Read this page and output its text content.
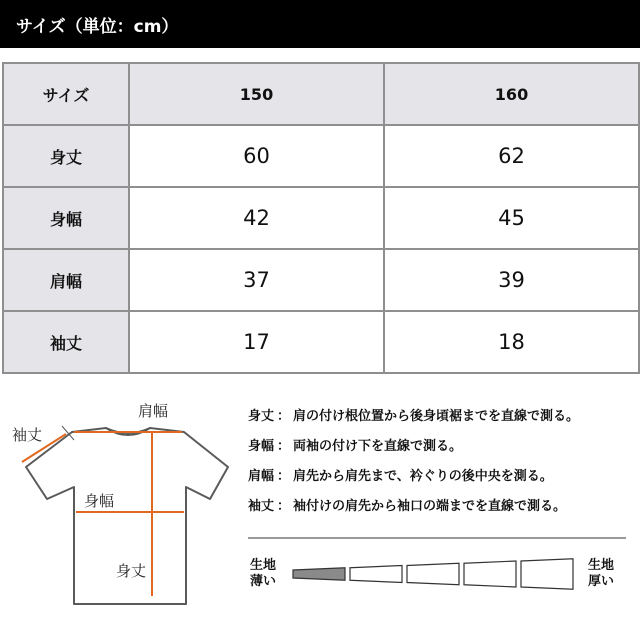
サイズ（単位：cm）
サイズ	150	160
身丈	60	62
身幅	42	45
肩幅	37	39
袖丈	17	18
肩幅
袖丈
身幅
身丈
身丈 ： 肩の付け根位置から後身頃裾までを直線で測る。
身幅 ： 両袖の付け下を直線で測る。
肩幅 ： 肩先から肩先まで、衿ぐりの後中央を測る。
袖丈 ： 袖付けの肩先から袖口の端までを直線で測る。
生地
薄い
生地
厚い
